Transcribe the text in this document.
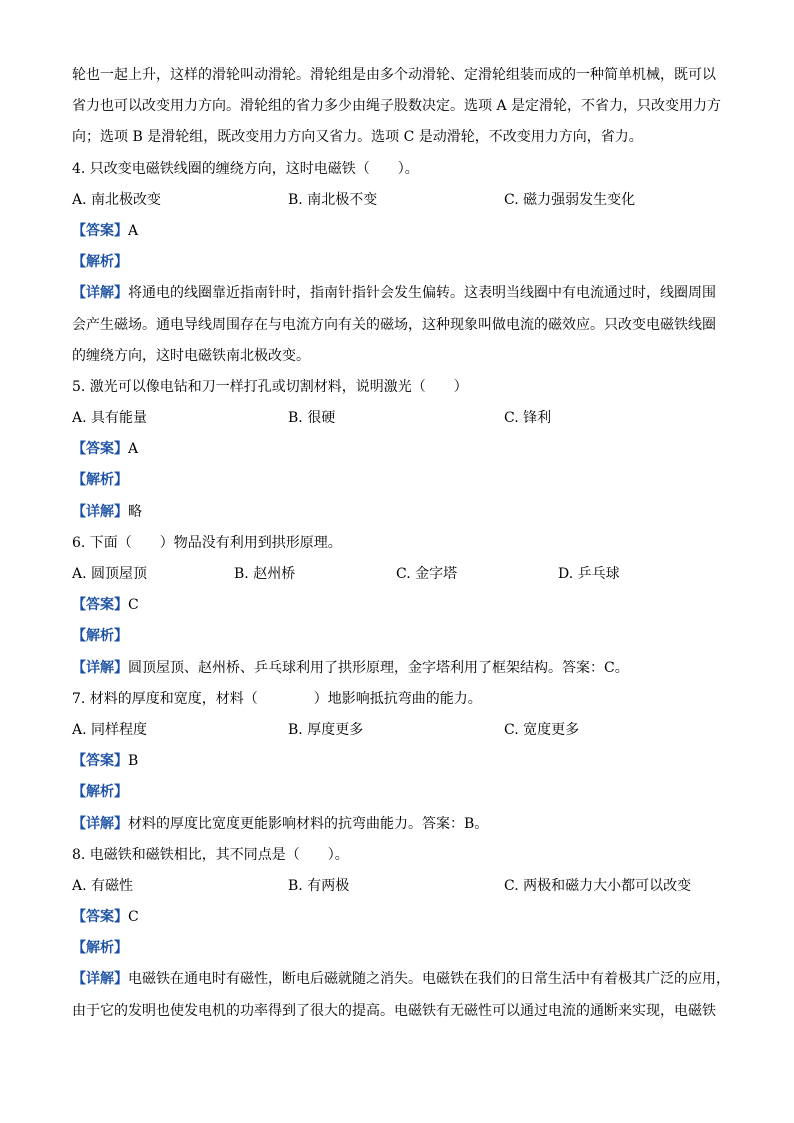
轮也一起上升，这样的滑轮叫动滑轮。滑轮组是由多个动滑轮、定滑轮组装而成的一种简单机械，既可以
省力也可以改变用力方向。滑轮组的省力多少由绳子股数决定。选项 A 是定滑轮，不省力，只改变用力方
向；选项 B 是滑轮组，既改变用力方向又省力。选项 C 是动滑轮，不改变用力方向，省力。
4. 只改变电磁铁线圈的缠绕方向，这时电磁铁（　　）。
A. 南北极改变	B. 南北极不变	C. 磁力强弱发生变化
【答案】A
【解析】
【详解】将通电的线圈靠近指南针时，指南针指针会发生偏转。这表明当线圈中有电流通过时，线圈周围
会产生磁场。通电导线周围存在与电流方向有关的磁场，这种现象叫做电流的磁效应。只改变电磁铁线圈
的缠绕方向，这时电磁铁南北极改变。
5. 激光可以像电钻和刀一样打孔或切割材料，说明激光（　　）
A. 具有能量	B. 很硬	C. 锋利
【答案】A
【解析】
【详解】略
6. 下面（　　）物品没有利用到拱形原理。
A. 圆顶屋顶	B. 赵州桥	C. 金字塔	D. 乒乓球
【答案】C
【解析】
【详解】圆顶屋顶、赵州桥、乒乓球利用了拱形原理，金字塔利用了框架结构。答案：C。
7. 材料的厚度和宽度，材料（　　　　）地影响抵抗弯曲的能力。
A. 同样程度	B. 厚度更多	C. 宽度更多
【答案】B
【解析】
【详解】材料的厚度比宽度更能影响材料的抗弯曲能力。答案：B。
8. 电磁铁和磁铁相比，其不同点是（　　）。
A. 有磁性	B. 有两极	C. 两极和磁力大小都可以改变
【答案】C
【解析】
【详解】电磁铁在通电时有磁性，断电后磁就随之消失。电磁铁在我们的日常生活中有着极其广泛的应用，
由于它的发明也使发电机的功率得到了很大的提高。电磁铁有无磁性可以通过电流的通断来实现，电磁铁
